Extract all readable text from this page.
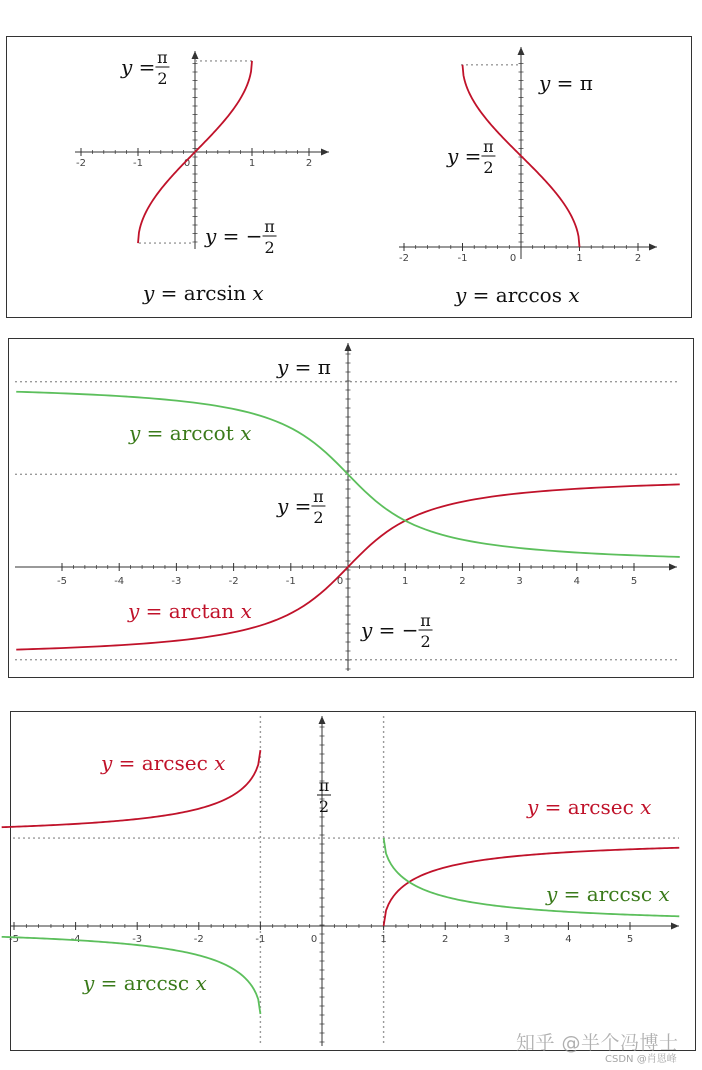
-2	-1	0	1	2
y = π
2
y = − π
2
y = arcsin x
-2	-1	0	1	2
y = π
y = π
2
y = arccos x
-5	-4	-3	-2	-1	0	1	2	3	4	5
y = π
y = π
2
y = − π
2
y = arccot x
y = arctan x
-5	-4	-3	-2	-1	0	1	2	3	4	5
π
2
y = arcsec x
y = arcsec x
y = arccsc x
y = arccsc x
知乎 @半个冯博士
CSDN @肖恩峰
